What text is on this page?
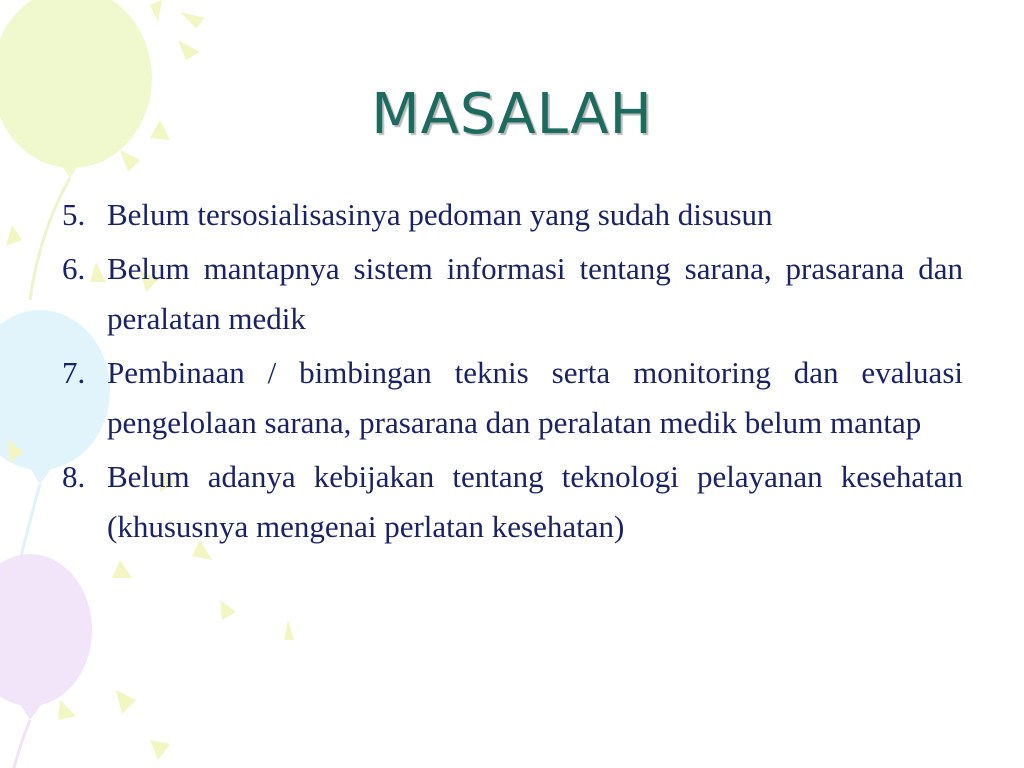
MASALAH
5. Belum tersosialisasinya pedoman yang sudah disusun
6. Belum mantapnya sistem informasi tentang sarana, prasarana dan peralatan medik
7. Pembinaan / bimbingan teknis serta monitoring dan evaluasi pengelolaan sarana, prasarana dan peralatan medik belum mantap
8. Belum adanya kebijakan tentang teknologi pelayanan kesehatan (khususnya mengenai perlatan kesehatan)
